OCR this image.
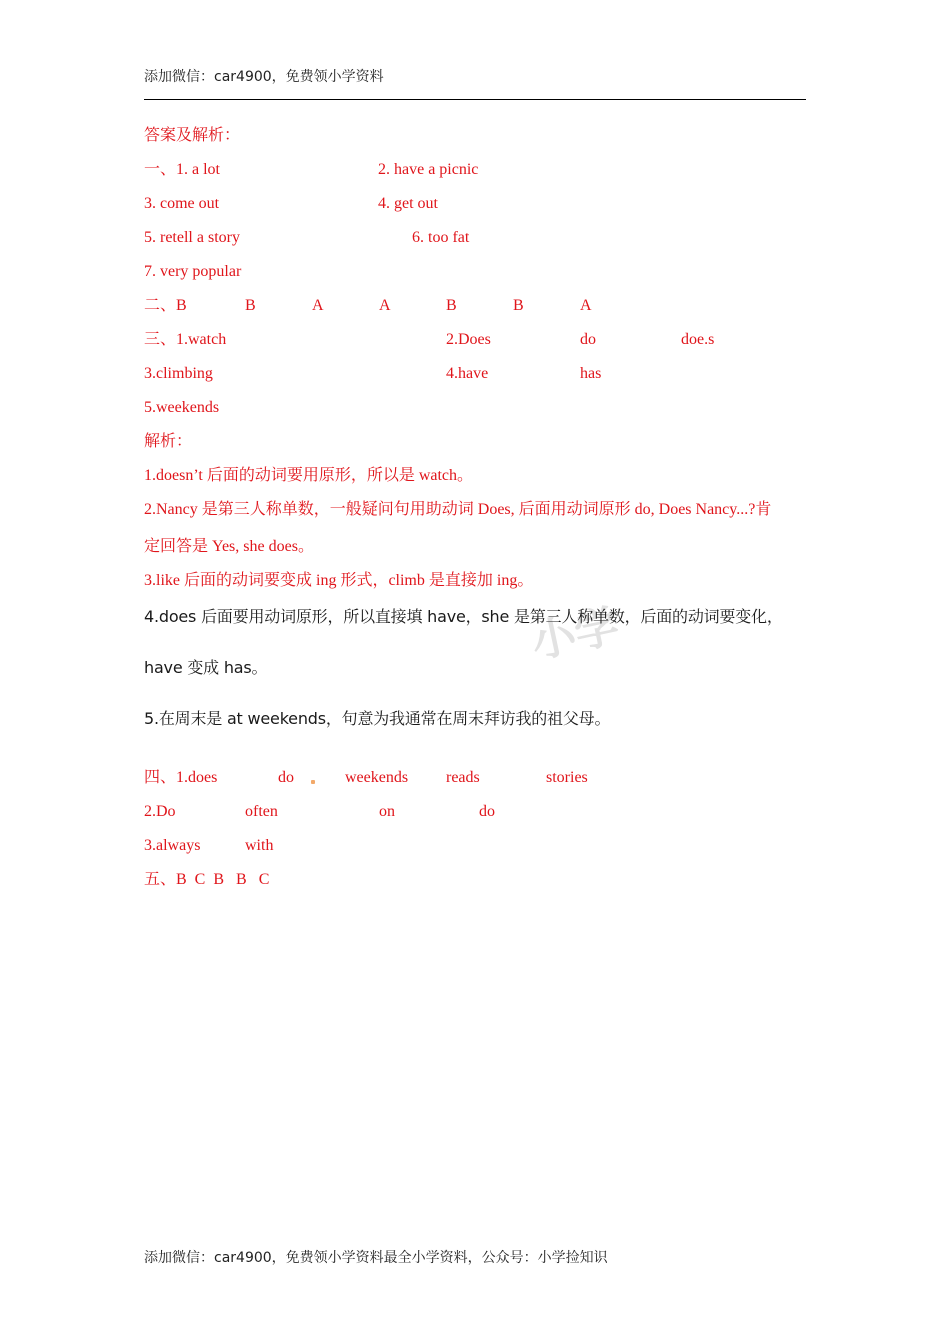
添加微信：car4900，免费领小学资料
答案及解析：
一、1. a lot	2. have a picnic
3. come out	4. get out
5. retell a story	6. too fat
7. very popular
二、B	B	A	A	B	B	A
三、1.watch	2.Does	do	doe.s
3.climbing	4.have	has
5.weekends
解析：
1.doesn’t 后面的动词要用原形，所以是 watch。
2.Nancy 是第三人称单数，一般疑问句用助动词 Does, 后面用动词原形 do, Does Nancy...?肯
定回答是 Yes, she does。
3.like 后面的动词要变成 ing 形式，climb 是直接加 ing。
小学
4.does 后面要用动词原形，所以直接填 have，she 是第三人称单数，后面的动词要变化，
have 变成 has。
5.在周末是 at weekends，句意为我通常在周末拜访我的祖父母。
四、1.does	do	weekends reads	stories
2.Do	often	on	do
3.always	with
五、B  C  B   B   C
添加微信：car4900，免费领小学资料最全小学资料，公众号：小学捡知识
